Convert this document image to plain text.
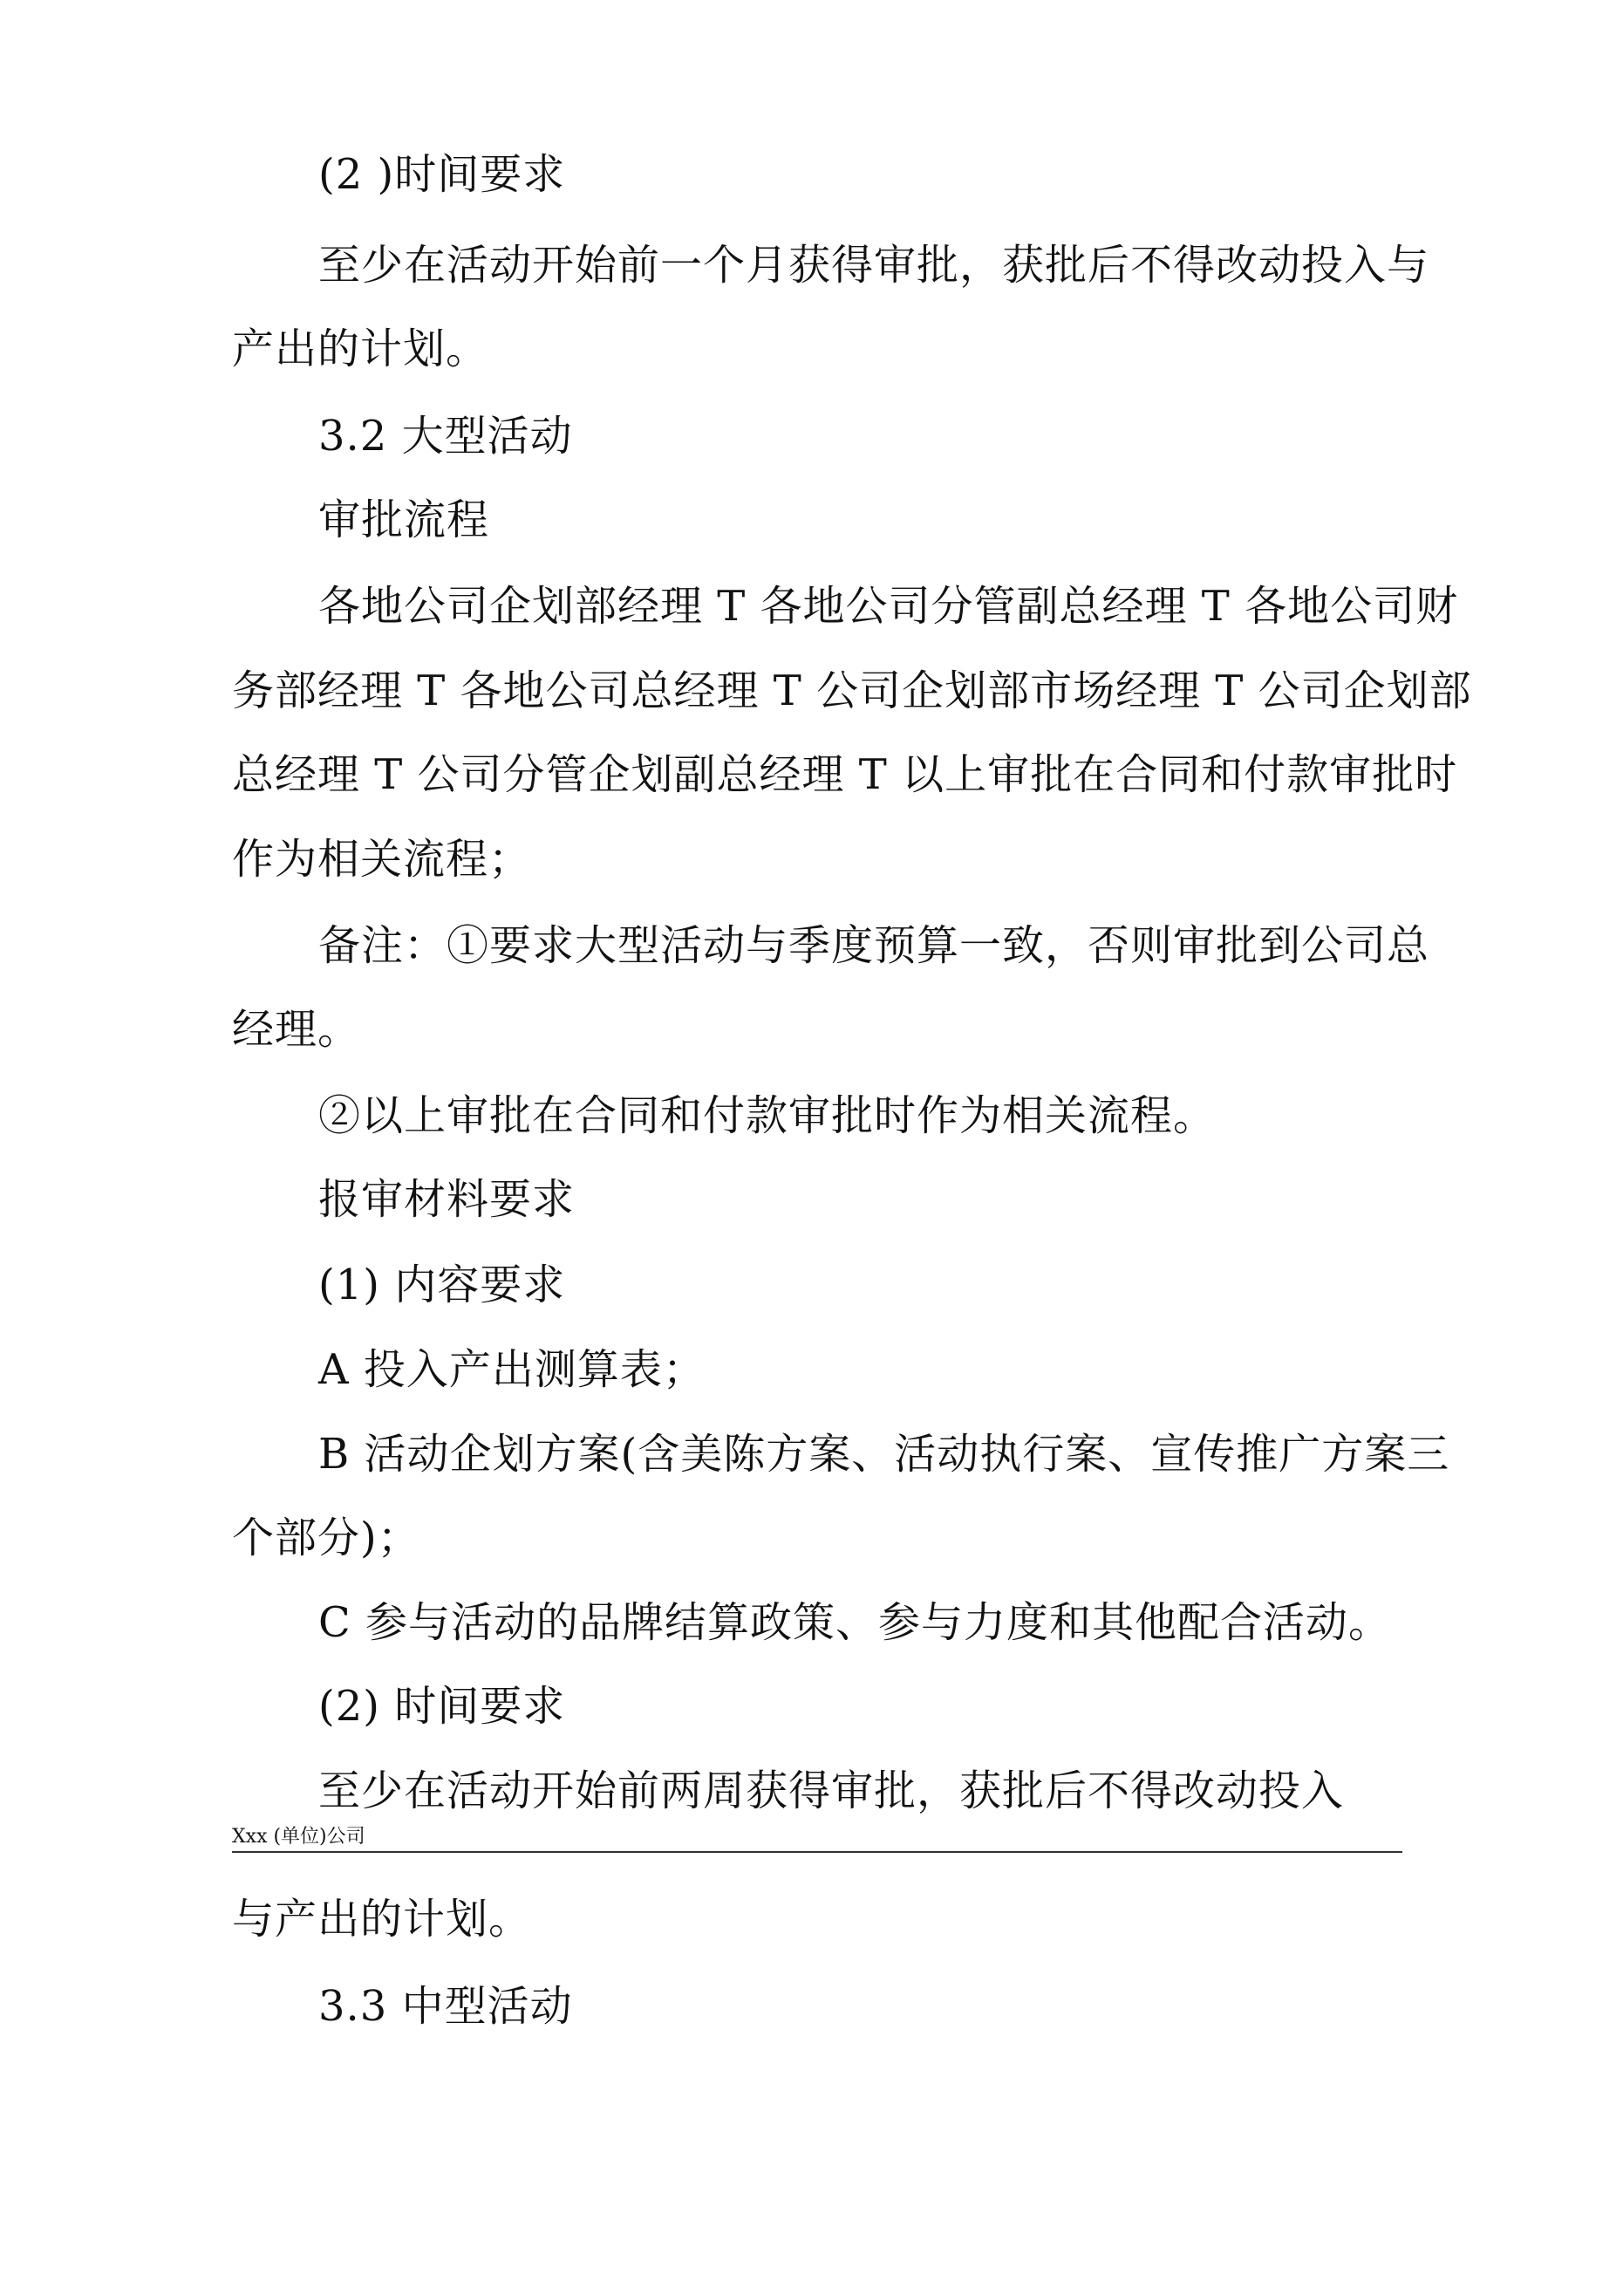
(2 )时间要求
至少在活动开始前一个月获得审批，获批后不得改动投入与
产出的计划。
3.2 大型活动
审批流程
各地公司企划部经理 T 各地公司分管副总经理 T 各地公司财
务部经理 T 各地公司总经理 T 公司企划部市场经理 T 公司企划部
总经理 T 公司分管企划副总经理 T 以上审批在合同和付款审批时
作为相关流程；
备注：①要求大型活动与季度预算一致，否则审批到公司总
经理。
②以上审批在合同和付款审批时作为相关流程。
报审材料要求
(1) 内容要求
A 投入产出测算表；
B 活动企划方案(含美陈方案、活动执行案、宣传推广方案三
个部分)；
C 参与活动的品牌结算政策、参与力度和其他配合活动。
(2) 时间要求
至少在活动开始前两周获得审批，获批后不得改动投入
Xxx (单位)公司
与产出的计划。
3.3 中型活动
